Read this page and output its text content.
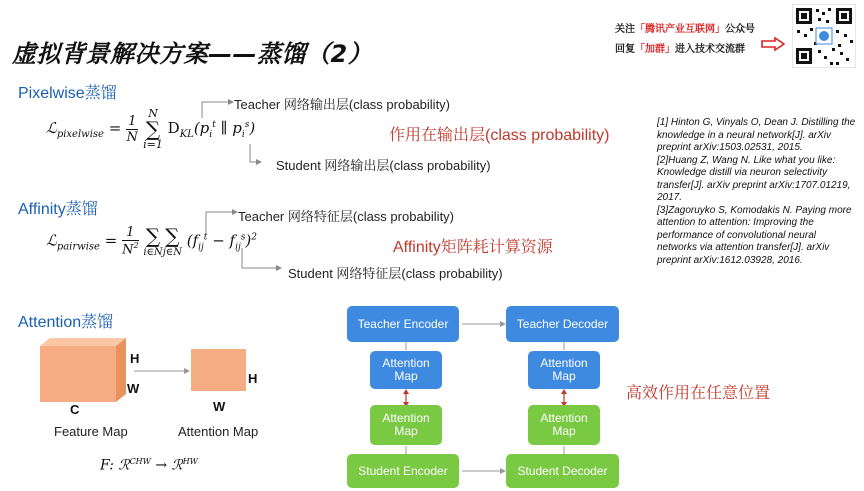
虚拟背景解决方案——蒸馏（2）
关注「腾讯产业互联网」公众号
回复「加群」进入技术交流群
Pixelwise蒸馏
ℒ$_{pixelwise}$ = $\frac{1}{N}$
N
∑
i=1
$D_{KL}(p_i^t$ ∥ $p_i^s$)
Teacher 网络输出层(class probability)
Student 网络输出层(class probability)
作用在输出层(class probability)
Affinity蒸馏
ℒ$_{pairwise}$ = $\frac{1}{N^2}$
∑
i∈N
∑
j∈N
$(f_{ij}^t - f_{ij}^s)^2$
Teacher 网络特征层(class probability)
Student 网络特征层(class probability)
Affinity矩阵耗计算资源
Attention蒸馏
H
W
C
H
W
Feature Map	Attention Map
F: ℛ$^{CHW}$ → ℛ$^{HW}$
Teacher Encoder	Teacher Decoder
Attention
Map
Attention
Map
Attention
Map
Attention
Map
Student Encoder	Student Decoder
高效作用在任意位置
[1] Hinton G, Vinyals O, Dean J. Distilling the knowledge in a neural network[J]. arXiv preprint arXiv:1503.02531, 2015.
[2]Huang Z, Wang N. Like what you like: Knowledge distill via neuron selectivity transfer[J]. arXiv preprint arXiv:1707.01219, 2017.
[3]Zagoruyko S, Komodakis N. Paying more attention to attention: Improving the performance of convolutional neural networks via attention transfer[J]. arXiv preprint arXiv:1612.03928, 2016.
